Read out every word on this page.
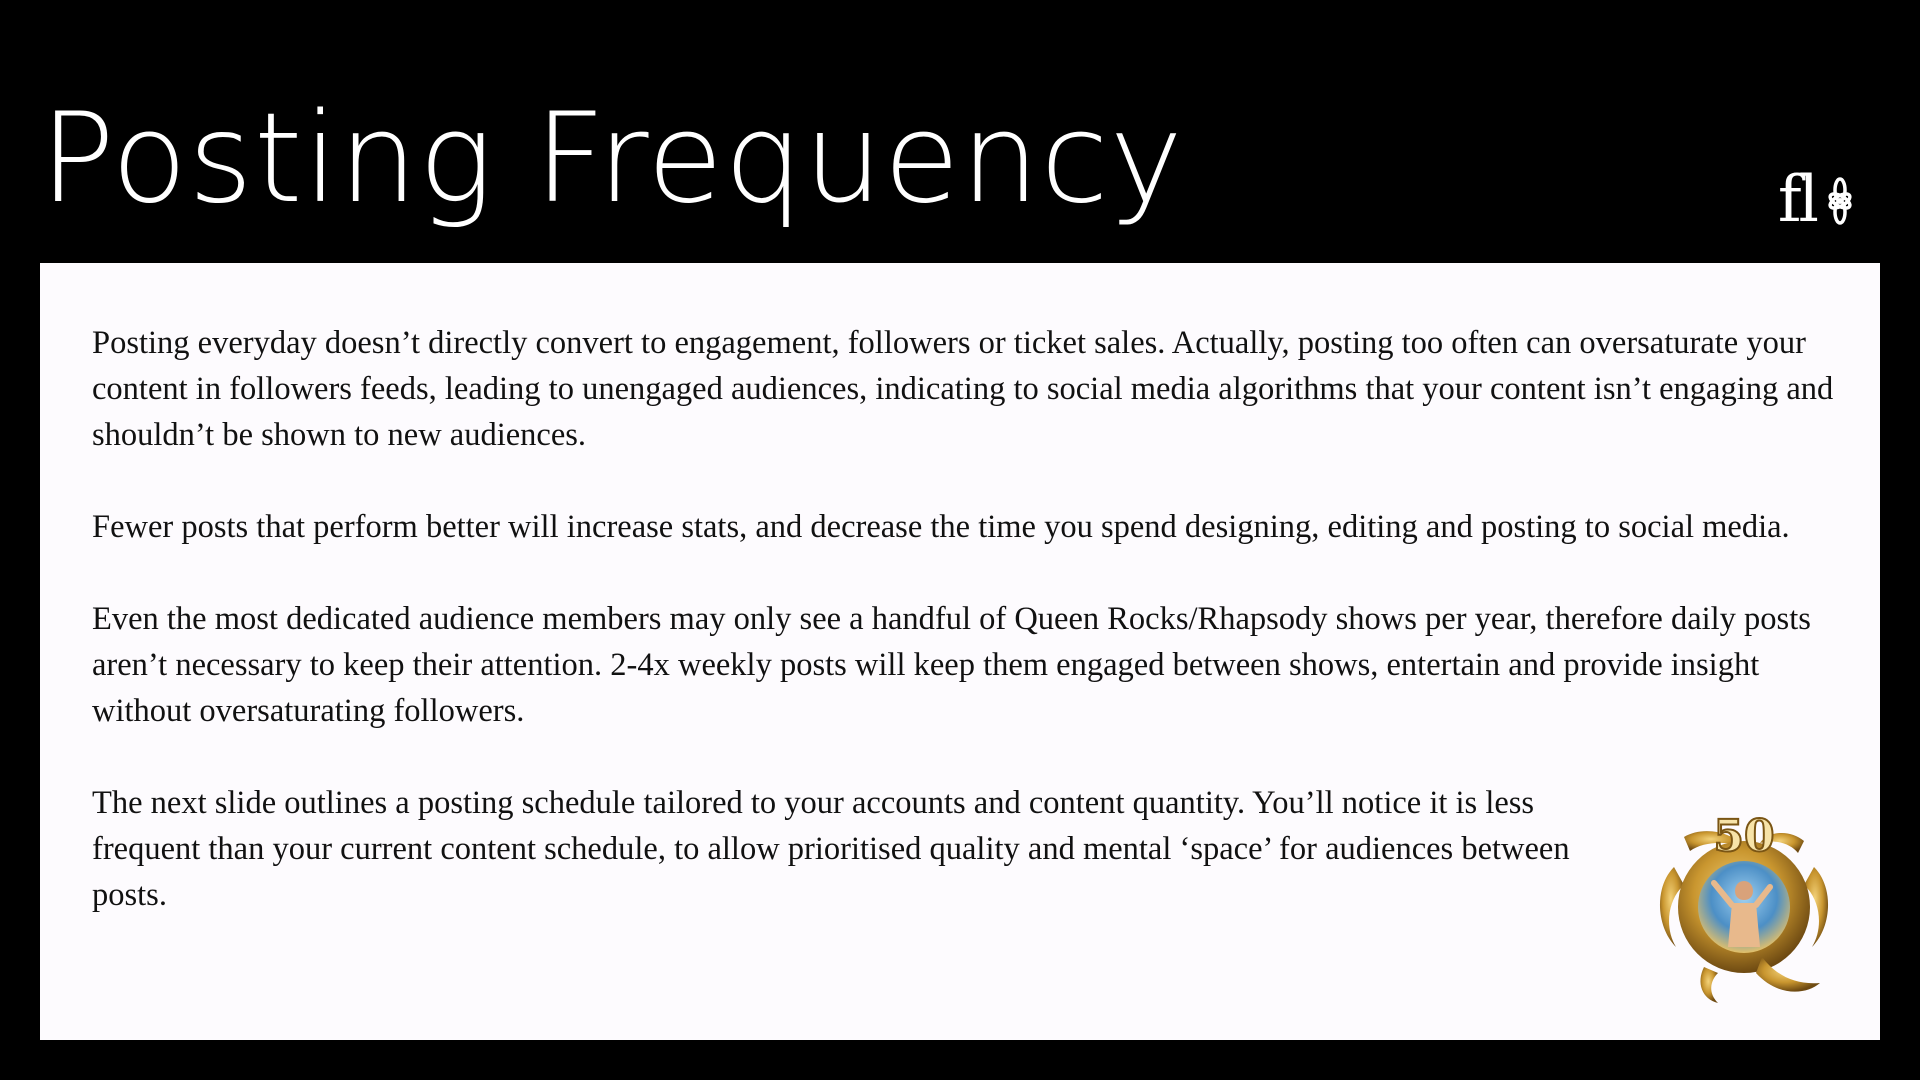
Posting Frequency	fl

Posting everyday doesn’t directly convert to engagement, followers or ticket sales. Actually, posting too often can oversaturate your content in followers feeds, leading to unengaged audiences, indicating to social media algorithms that your content isn’t engaging and shouldn’t be shown to new audiences.

Fewer posts that perform better will increase stats, and decrease the time you spend designing, editing and posting to social media.

Even the most dedicated audience members may only see a handful of Queen Rocks/Rhapsody shows per year, therefore daily posts aren’t necessary to keep their attention. 2-4x weekly posts will keep them engaged between shows, entertain and provide insight without oversaturating followers.

The next slide outlines a posting schedule tailored to your accounts and content quantity. You’ll notice it is less frequent than your current content schedule, to allow prioritised quality and mental ‘space’ for audiences between posts.

50
